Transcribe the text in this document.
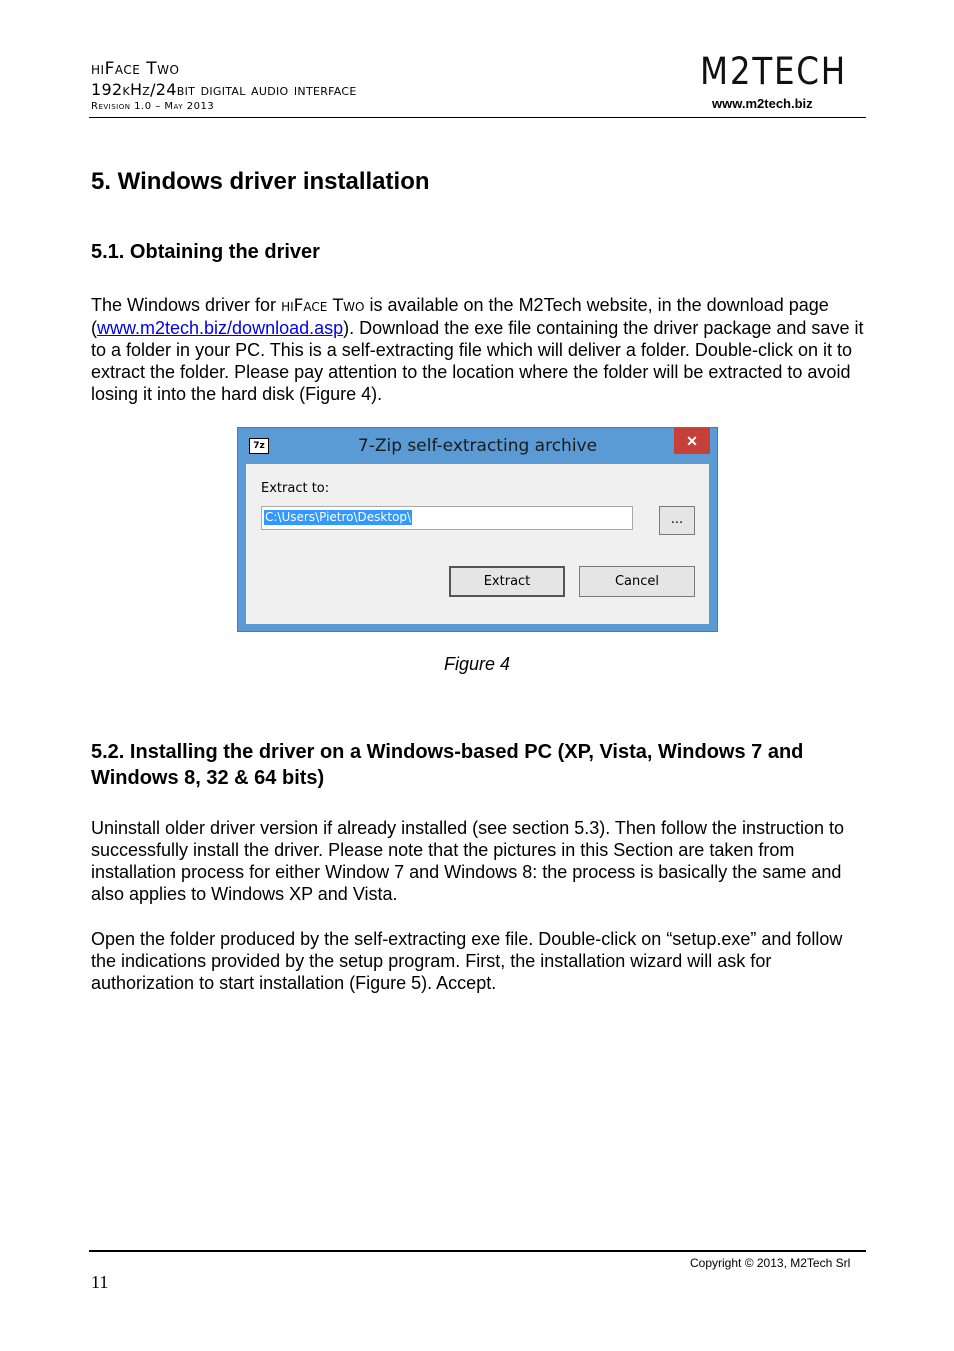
hiFace Two
192kHz/24bit digital audio interface
Revision 1.0 – May 2013
M2TECH
www.m2tech.biz
5. Windows driver installation
5.1. Obtaining the driver

The Windows driver for hiFace Two is available on the M2Tech website, in the download page (www.m2tech.biz/download.asp). Download the exe file containing the driver package and save it to a folder in your PC. This is a self-extracting file which will deliver a folder. Double-click on it to extract the folder. Please pay attention to the location where the folder will be extracted to avoid losing it into the hard disk (Figure 4).

7z	7-Zip self-extracting archive	✕
Extract to:
C:\Users\Pietro\Desktop\	...
Extract	Cancel
Figure 4
5.2. Installing the driver on a Windows-based PC (XP, Vista, Windows 7 and Windows 8, 32 & 64 bits)

Uninstall older driver version if already installed (see section 5.3). Then follow the instruction to successfully install the driver. Please note that the pictures in this Section are taken from installation process for either Window 7 and Windows 8: the process is basically the same and also applies to Windows XP and Vista.

Open the folder produced by the self-extracting exe file. Double-click on “setup.exe” and follow the indications provided by the setup program. First, the installation wizard will ask for authorization to start installation (Figure 5). Accept.

Copyright © 2013, M2Tech Srl
11
